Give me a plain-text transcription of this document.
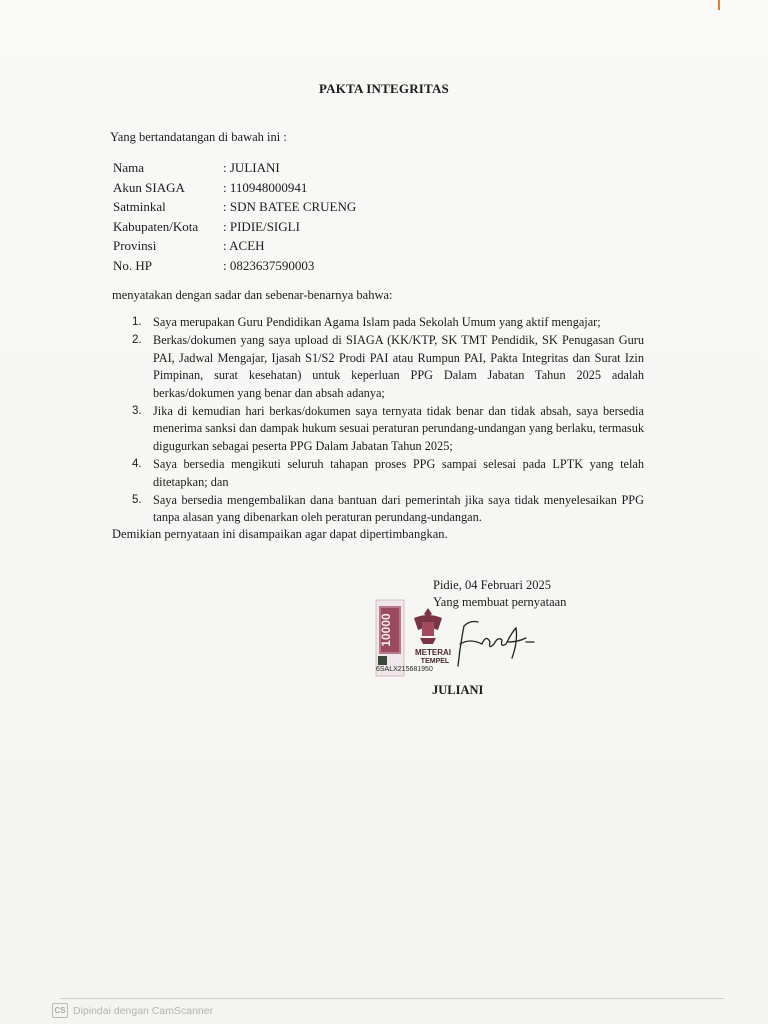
PAKTA INTEGRITAS
Yang bertandatangan di bawah ini :
Nama	: JULIANI
Akun SIAGA	: 110948000941
Satminkal	: SDN BATEE CRUENG
Kabupaten/Kota	: PIDIE/SIGLI
Provinsi	: ACEH
No. HP	: 0823637590003
menyatakan dengan sadar dan sebenar-benarnya bahwa:
1. Saya merupakan Guru Pendidikan Agama Islam pada Sekolah Umum yang aktif mengajar;
2. Berkas/dokumen yang saya upload di SIAGA (KK/KTP, SK TMT Pendidik, SK Penugasan Guru PAI, Jadwal Mengajar, Ijasah S1/S2 Prodi PAI atau Rumpun PAI, Pakta Integritas dan Surat Izin Pimpinan, surat kesehatan) untuk keperluan PPG Dalam Jabatan Tahun 2025 adalah berkas/dokumen yang benar dan absah adanya;
3. Jika di kemudian hari berkas/dokumen saya ternyata tidak benar dan tidak absah, saya bersedia menerima sanksi dan dampak hukum sesuai peraturan perundang-undangan yang berlaku, termasuk digugurkan sebagai peserta PPG Dalam Jabatan Tahun 2025;
4. Saya bersedia mengikuti seluruh tahapan proses PPG sampai selesai pada LPTK yang telah ditetapkan; dan
5. Saya bersedia mengembalikan dana bantuan dari pemerintah jika saya tidak menyelesaikan PPG tanpa alasan yang dibenarkan oleh peraturan perundang-undangan.
Demikian pernyataan ini disampaikan agar dapat dipertimbangkan.
Pidie, 04 Februari 2025
Yang membuat pernyataan
10000
METERAI
TEMPEL
6SALX215681950
JULIANI
CS Dipindai dengan CamScanner
